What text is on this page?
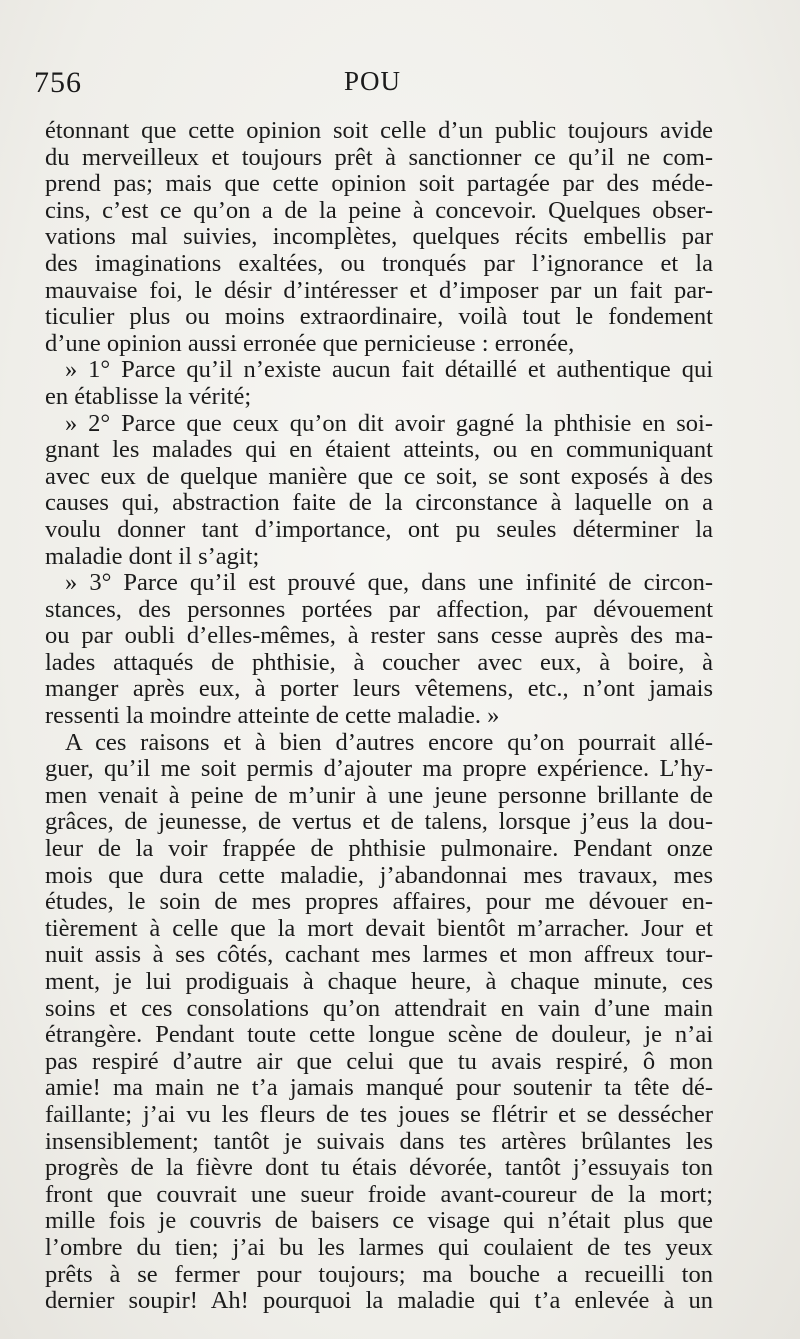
756	POU
étonnant que cette opinion soit celle d’un public toujours avide
du merveilleux et toujours prêt à sanctionner ce qu’il ne com-
prend pas; mais que cette opinion soit partagée par des méde-
cins, c’est ce qu’on a de la peine à concevoir. Quelques obser-
vations mal suivies, incomplètes, quelques récits embellis par
des imaginations exaltées, ou tronqués par l’ignorance et la
mauvaise foi, le désir d’intéresser et d’imposer par un fait par-
ticulier plus ou moins extraordinaire, voilà tout le fondement
d’une opinion aussi erronée que pernicieuse : erronée,
» 1° Parce qu’il n’existe aucun fait détaillé et authentique qui
en établisse la vérité;
» 2° Parce que ceux qu’on dit avoir gagné la phthisie en soi-
gnant les malades qui en étaient atteints, ou en communiquant
avec eux de quelque manière que ce soit, se sont exposés à des
causes qui, abstraction faite de la circonstance à laquelle on a
voulu donner tant d’importance, ont pu seules déterminer la
maladie dont il s’agit;
» 3° Parce qu’il est prouvé que, dans une infinité de circon-
stances, des personnes portées par affection, par dévouement
ou par oubli d’elles-mêmes, à rester sans cesse auprès des ma-
lades attaqués de phthisie, à coucher avec eux, à boire, à
manger après eux, à porter leurs vêtemens, etc., n’ont jamais
ressenti la moindre atteinte de cette maladie. »
A ces raisons et à bien d’autres encore qu’on pourrait allé-
guer, qu’il me soit permis d’ajouter ma propre expérience. L’hy-
men venait à peine de m’unir à une jeune personne brillante de
grâces, de jeunesse, de vertus et de talens, lorsque j’eus la dou-
leur de la voir frappée de phthisie pulmonaire. Pendant onze
mois que dura cette maladie, j’abandonnai mes travaux, mes
études, le soin de mes propres affaires, pour me dévouer en-
tièrement à celle que la mort devait bientôt m’arracher. Jour et
nuit assis à ses côtés, cachant mes larmes et mon affreux tour-
ment, je lui prodiguais à chaque heure, à chaque minute, ces
soins et ces consolations qu’on attendrait en vain d’une main
étrangère. Pendant toute cette longue scène de douleur, je n’ai
pas respiré d’autre air que celui que tu avais respiré, ô mon
amie! ma main ne t’a jamais manqué pour soutenir ta tête dé-
faillante; j’ai vu les fleurs de tes joues se flétrir et se dessécher
insensiblement; tantôt je suivais dans tes artères brûlantes les
progrès de la fièvre dont tu étais dévorée, tantôt j’essuyais ton
front que couvrait une sueur froide avant-coureur de la mort;
mille fois je couvris de baisers ce visage qui n’était plus que
l’ombre du tien; j’ai bu les larmes qui coulaient de tes yeux
prêts à se fermer pour toujours; ma bouche a recueilli ton
dernier soupir! Ah! pourquoi la maladie qui t’a enlevée à un
